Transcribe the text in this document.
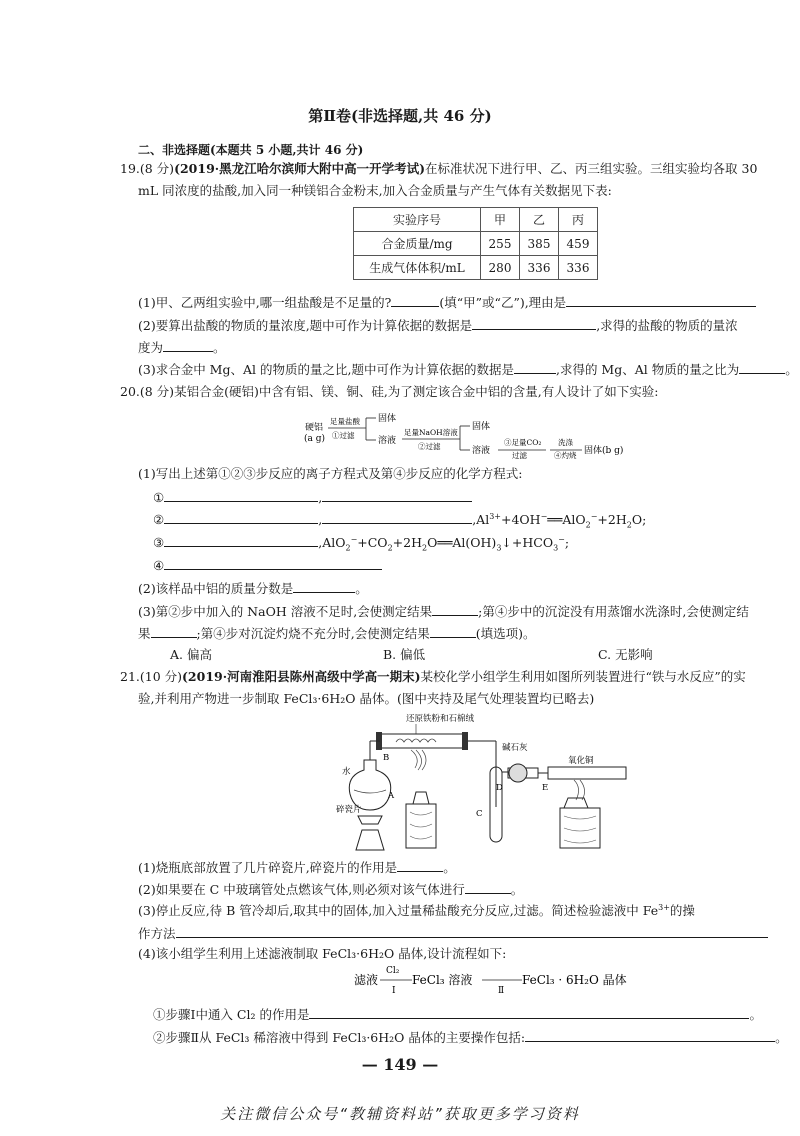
第Ⅱ卷(非选择题,共 46 分)
二、非选择题(本题共 5 小题,共计 46 分)
19.(8 分)(2019·黑龙江哈尔滨师大附中高一开学考试)在标准状况下进行甲、乙、丙三组实验。三组实验均各取 30
mL 同浓度的盐酸,加入同一种镁铝合金粉末,加入合金质量与产生气体有关数据见下表:
实验序号	甲	乙	丙
合金质量/mg	255	385	459
生成气体体积/mL	280	336	336
(1)甲、乙两组实验中,哪一组盐酸是不足量的?	(填“甲”或“乙”),理由是
(2)要算出盐酸的物质的量浓度,题中可作为计算依据的数据是	,求得的盐酸的物质的量浓
度为	。
(3)求合金中 Mg、Al 的物质的量之比,题中可作为计算依据的数据是	,求得的 Mg、Al 物质的量之比为	。
20.(8 分)某铝合金(硬铝)中含有铝、镁、铜、硅,为了测定该合金中铝的含量,有人设计了如下实验:
硬铝
(a g)
足量盐酸
①过滤
固体
溶液
足量NaOH溶液
②过滤
固体
溶液
③足量CO₂
过滤
洗涤
④灼烧 固体(b g)
(1)写出上述第①②③步反应的离子方程式及第④步反应的化学方程式:
①	,
②	,	$,Al^{3+}+4OH^-══AlO_2^-+2H_2O$;
③	$,AlO_2^-+CO_2+2H_2O══Al(OH)_3↓+HCO_3^-$;
④
(2)该样品中铝的质量分数是	。
(3)第②步中加入的 NaOH 溶液不足时,会使测定结果	;第④步中的沉淀没有用蒸馏水洗涤时,会使测定结
果	;第④步对沉淀灼烧不充分时,会使测定结果	(填选项)。
A. 偏高	B. 偏低	C. 无影响
21.(10 分)(2019·河南淮阳县陈州高级中学高一期末)某校化学小组学生利用如图所列装置进行“铁与水反应”的实
验,并利用产物进一步制取 FeCl₃·6H₂O 晶体。(图中夹持及尾气处理装置均已略去)
还原铁粉和石棉绒
B
C
水
A
碎瓷片
碱石灰
D
氧化铜
E
(1)烧瓶底部放置了几片碎瓷片,碎瓷片的作用是	。
(2)如果要在 C 中玻璃管处点燃该气体,则必须对该气体进行	。
(3)停止反应,待 B 管冷却后,取其中的固体,加入过量稀盐酸充分反应,过滤。简述检验滤液中 $Fe^{3+}$的操
作方法
(4)该小组学生利用上述滤液制取 FeCl₃·6H₂O 晶体,设计流程如下:
滤液
Cl₂
Ⅰ
FeCl₃ 溶液
Ⅱ
FeCl₃ · 6H₂O 晶体
①步骤Ⅰ中通入 Cl₂ 的作用是	。
②步骤Ⅱ从 FeCl₃ 稀溶液中得到 FeCl₃·6H₂O 晶体的主要操作包括:	。
— 149 —
关注微信公众号“教辅资料站”获取更多学习资料
